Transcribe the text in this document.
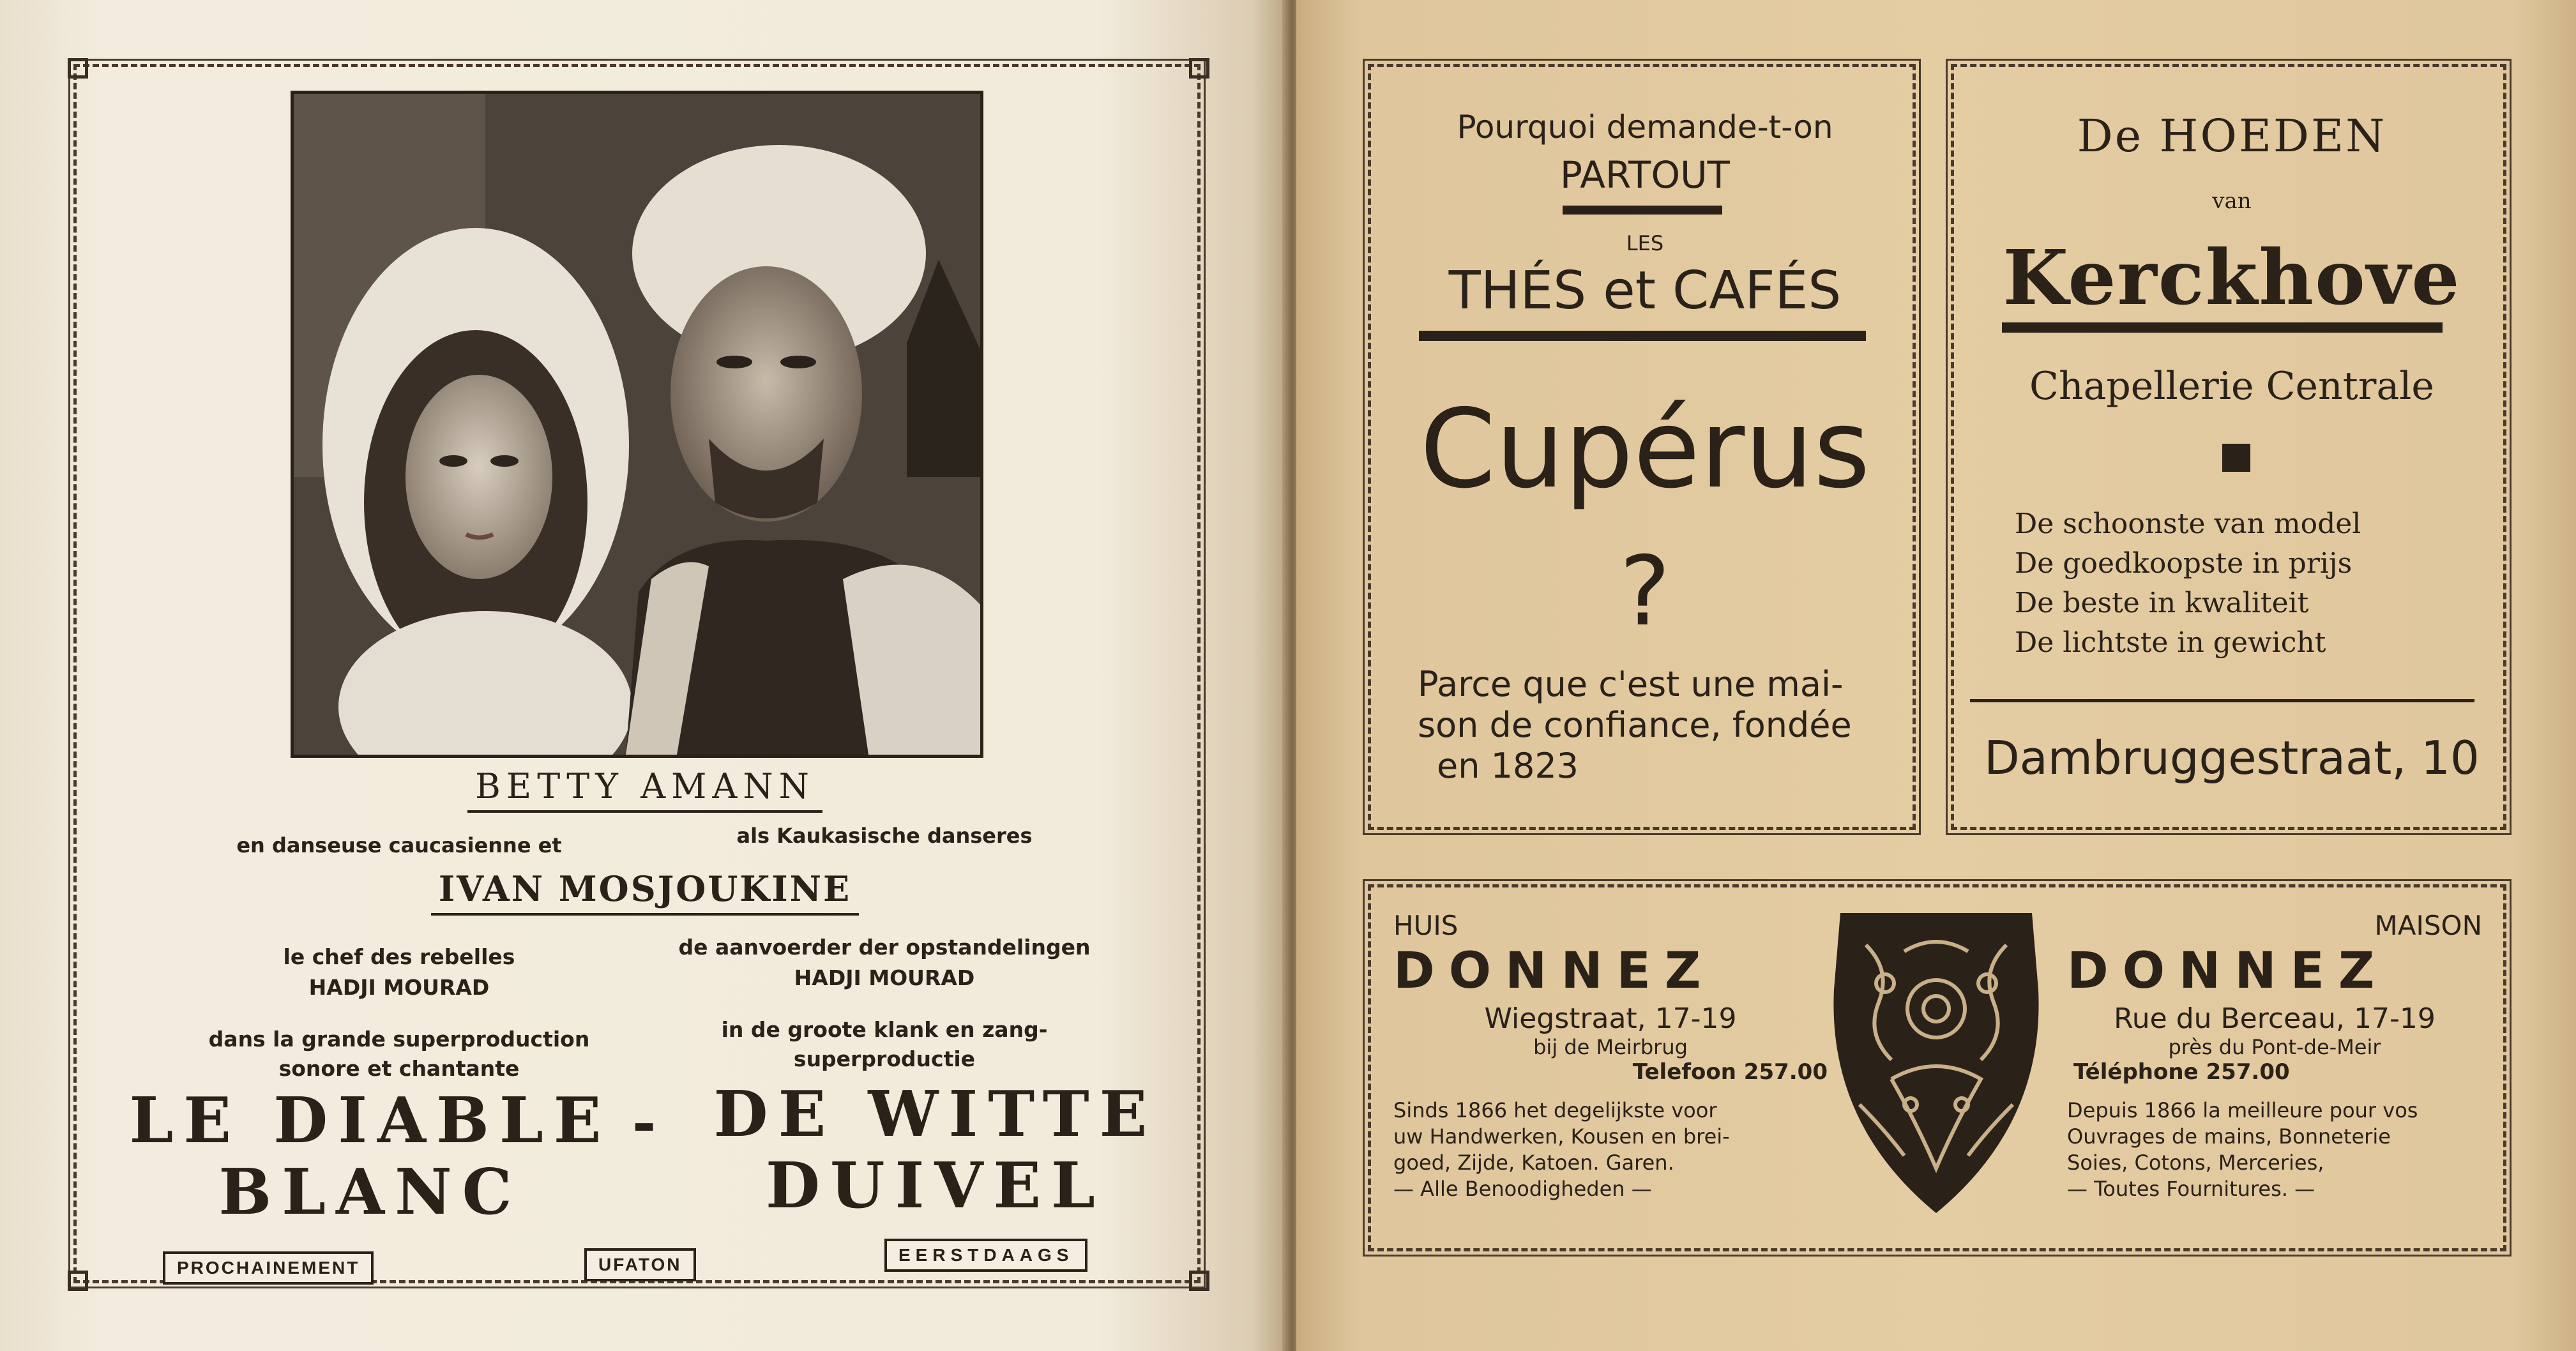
BETTY AMANN
en danseuse caucasienne et	als Kaukasische danseres
IVAN MOSJOUKINE
le chef des rebelles
HADJI MOURAD
de aanvoerder der opstandelingen
HADJI MOURAD
dans la grande superproduction
sonore et chantante
in de groote klank en zang-
superproductie
LE DIABLE
BLANC
- DE WITTE
DUIVEL
PROCHAINEMENT	UFATON	EERSTDAAGS
Pourquoi demande-t-on
PARTOUT
LES
THÉS et CAFÉS
Cupérus
?
Parce que c'est une mai-
son de confiance, fondée
en 1823
De HOEDEN
van
Kerckhove
Chapellerie Centrale
De schoonste van model
De goedkoopste in prijs
De beste in kwaliteit
De lichtste in gewicht
Dambruggestraat, 10
HUIS
DONNEZ
Wiegstraat, 17-19
bij de Meirbrug
Telefoon 257.00
Sinds 1866 het degelijkste voor
uw Handwerken, Kousen en brei-
goed, Zijde, Katoen. Garen.
— Alle Benoodigheden —
MAISON
DONNEZ
Rue du Berceau, 17-19
près du Pont-de-Meir
Téléphone 257.00
Depuis 1866 la meilleure pour vos
Ouvrages de mains, Bonneterie
Soies, Cotons, Merceries,
— Toutes Fournitures. —
